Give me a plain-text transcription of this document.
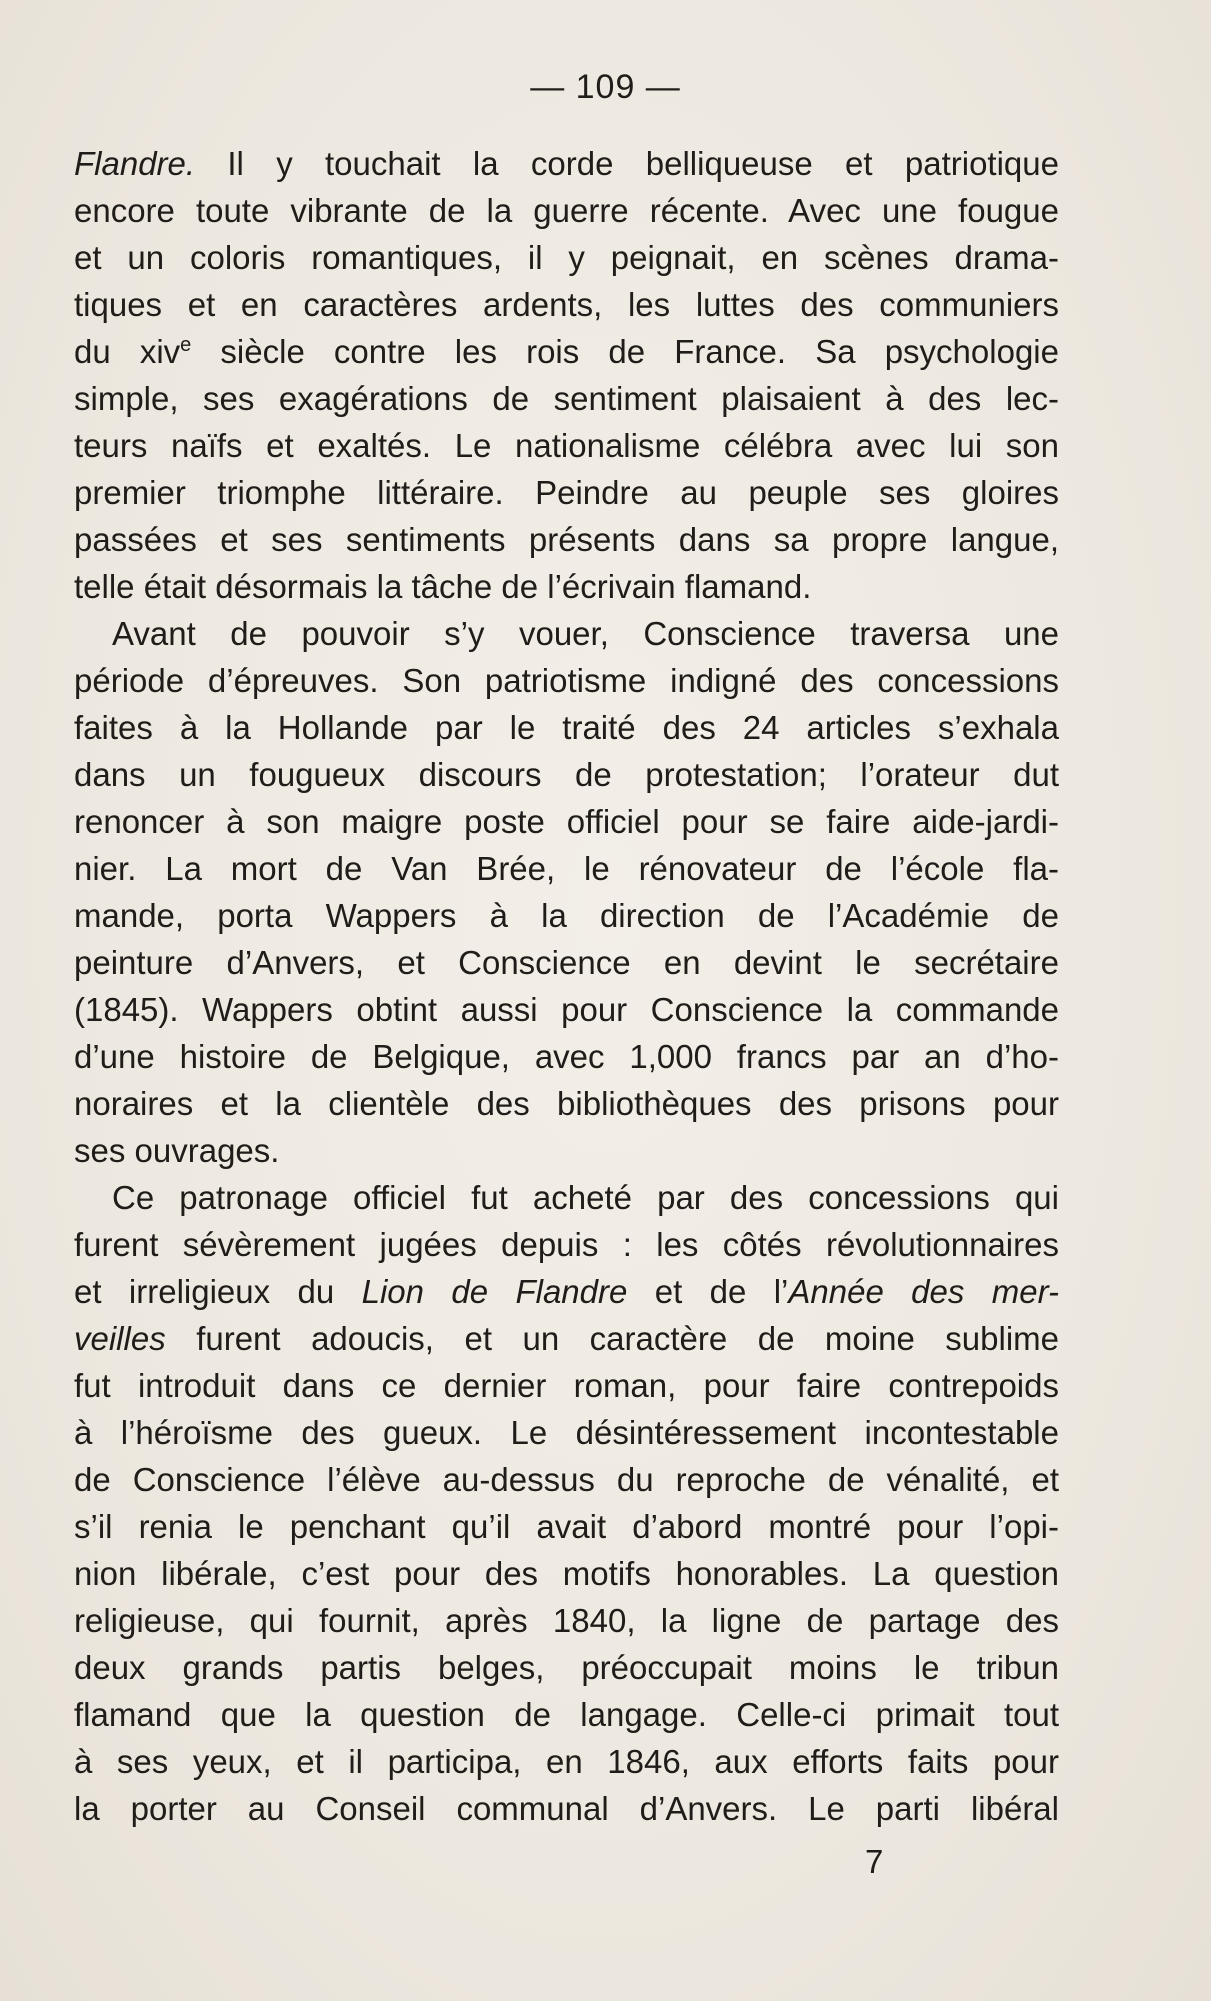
— 109 —
Flandre. Il y touchait la corde belliqueuse et patriotique
encore toute vibrante de la guerre récente. Avec une fougue
et un coloris romantiques, il y peignait, en scènes drama-
tiques et en caractères ardents, les luttes des communiers
du xiv$^e$ siècle contre les rois de France. Sa psychologie
simple, ses exagérations de sentiment plaisaient à des lec-
teurs naïfs et exaltés. Le nationalisme célébra avec lui son
premier triomphe littéraire. Peindre au peuple ses gloires
passées et ses sentiments présents dans sa propre langue,
telle était désormais la tâche de l’écrivain flamand.
Avant de pouvoir s’y vouer, Conscience traversa une
période d’épreuves. Son patriotisme indigné des concessions
faites à la Hollande par le traité des 24 articles s’exhala
dans un fougueux discours de protestation; l’orateur dut
renoncer à son maigre poste officiel pour se faire aide-jardi-
nier. La mort de Van Brée, le rénovateur de l’école fla-
mande, porta Wappers à la direction de l’Académie de
peinture d’Anvers, et Conscience en devint le secrétaire
(1845). Wappers obtint aussi pour Conscience la commande
d’une histoire de Belgique, avec 1,000 francs par an d’ho-
noraires et la clientèle des bibliothèques des prisons pour
ses ouvrages.
Ce patronage officiel fut acheté par des concessions qui
furent sévèrement jugées depuis : les côtés révolutionnaires
et irreligieux du Lion de Flandre et de l’Année des mer-
veilles furent adoucis, et un caractère de moine sublime
fut introduit dans ce dernier roman, pour faire contrepoids
à l’héroïsme des gueux. Le désintéressement incontestable
de Conscience l’élève au-dessus du reproche de vénalité, et
s’il renia le penchant qu’il avait d’abord montré pour l’opi-
nion libérale, c’est pour des motifs honorables. La question
religieuse, qui fournit, après 1840, la ligne de partage des
deux grands partis belges, préoccupait moins le tribun
flamand que la question de langage. Celle-ci primait tout
à ses yeux, et il participa, en 1846, aux efforts faits pour
la porter au Conseil communal d’Anvers. Le parti libéral
7
